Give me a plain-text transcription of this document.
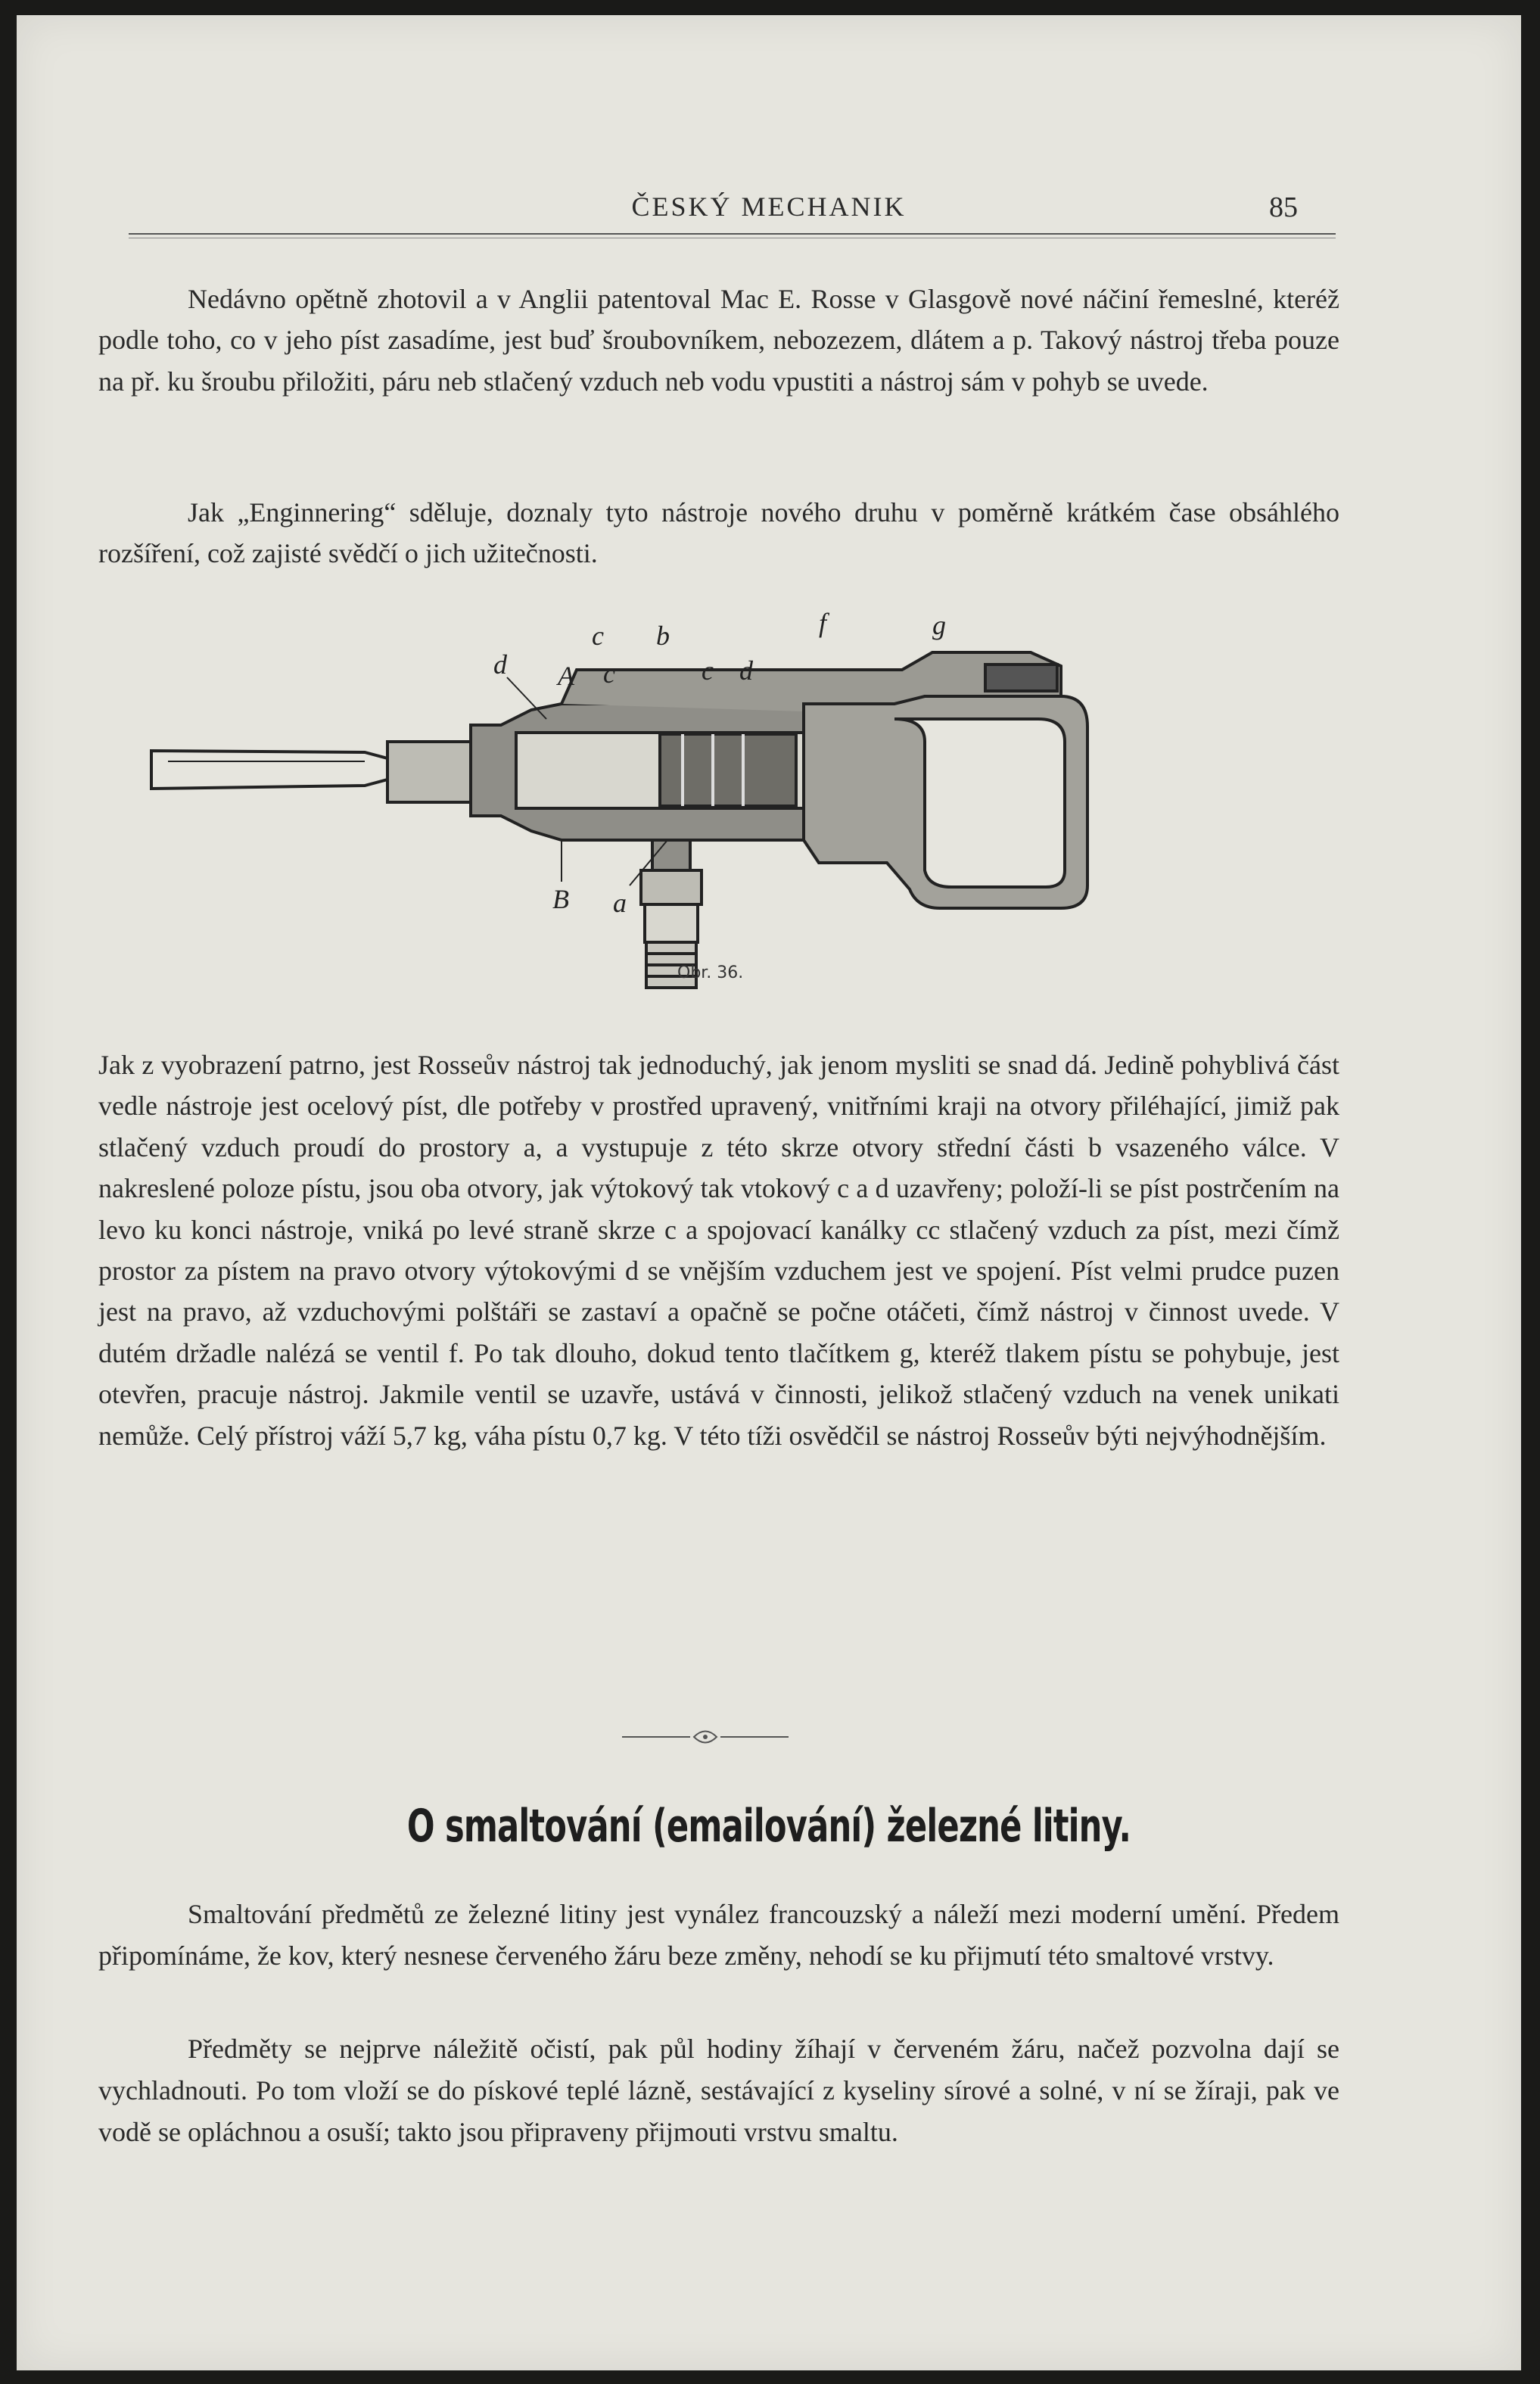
ČESKÝ MECHANIK	85

Nedávno opětně zhotovil a v Anglii patentoval Mac E. Rosse v Glasgově nové náčiní řemeslné, kteréž podle toho, co v jeho píst zasadíme, jest buď šroubovníkem, nebozezem, dlátem a p. Takový nástroj třeba pouze na př. ku šroubu přiložiti, páru neb stlačený vzduch neb vodu vpustiti a nástroj sám v pohyb se uvede.

Jak „Enginnering“ sděluje, doznaly tyto nástroje nového druhu v poměrně krátkém čase obsáhlého rozšíření, což zajisté svědčí o jich užitečnosti.

d A
c
c
b
c d
f	g
B a
Obr. 36.

Jak z vyobrazení patrno, jest Rosseův nástroj tak jednoduchý, jak jenom mysliti se snad dá. Jedině pohyblivá část vedle nástroje jest ocelový píst, dle potřeby v prostřed upravený, vnitřními kraji na otvory přiléhající, jimiž pak stlačený vzduch proudí do prostory a, a vystupuje z této skrze otvory střední části b vsazeného válce. V nakreslené poloze pístu, jsou oba otvory, jak výtokový tak vtokový c a d uzavřeny; položí-li se píst postrčením na levo ku konci nástroje, vniká po levé straně skrze c a spojovací kanálky cc stlačený vzduch za píst, mezi čímž prostor za pístem na pravo otvory výtokovými d se vnějším vzduchem jest ve spojení. Píst velmi prudce puzen jest na pravo, až vzduchovými polštáři se zastaví a opačně se počne otáčeti, čímž nástroj v činnost uvede. V dutém držadle nalézá se ventil f. Po tak dlouho, dokud tento tlačítkem g, kteréž tlakem pístu se pohybuje, jest otevřen, pracuje nástroj. Jakmile ventil se uzavře, ustává v činnosti, jelikož stlačený vzduch na venek unikati nemůže. Celý přístroj váží 5,7 kg, váha pístu 0,7 kg. V této tíži osvědčil se nástroj Rosseův býti nejvýhodnějším.

O smaltování (emailování) železné litiny.

Smaltování předmětů ze železné litiny jest vynález francouzský a náleží mezi moderní umění. Předem připomínáme, že kov, který nesnese červeného žáru beze změny, nehodí se ku přijmutí této smaltové vrstvy.

Předměty se nejprve náležitě očistí, pak půl hodiny žíhají v červeném žáru, načež pozvolna dají se vychladnouti. Po tom vloží se do pískové teplé lázně, sestávající z kyseliny sírové a solné, v ní se žíraji, pak ve vodě se opláchnou a osuší; takto jsou připraveny přijmouti vrstvu smaltu.
